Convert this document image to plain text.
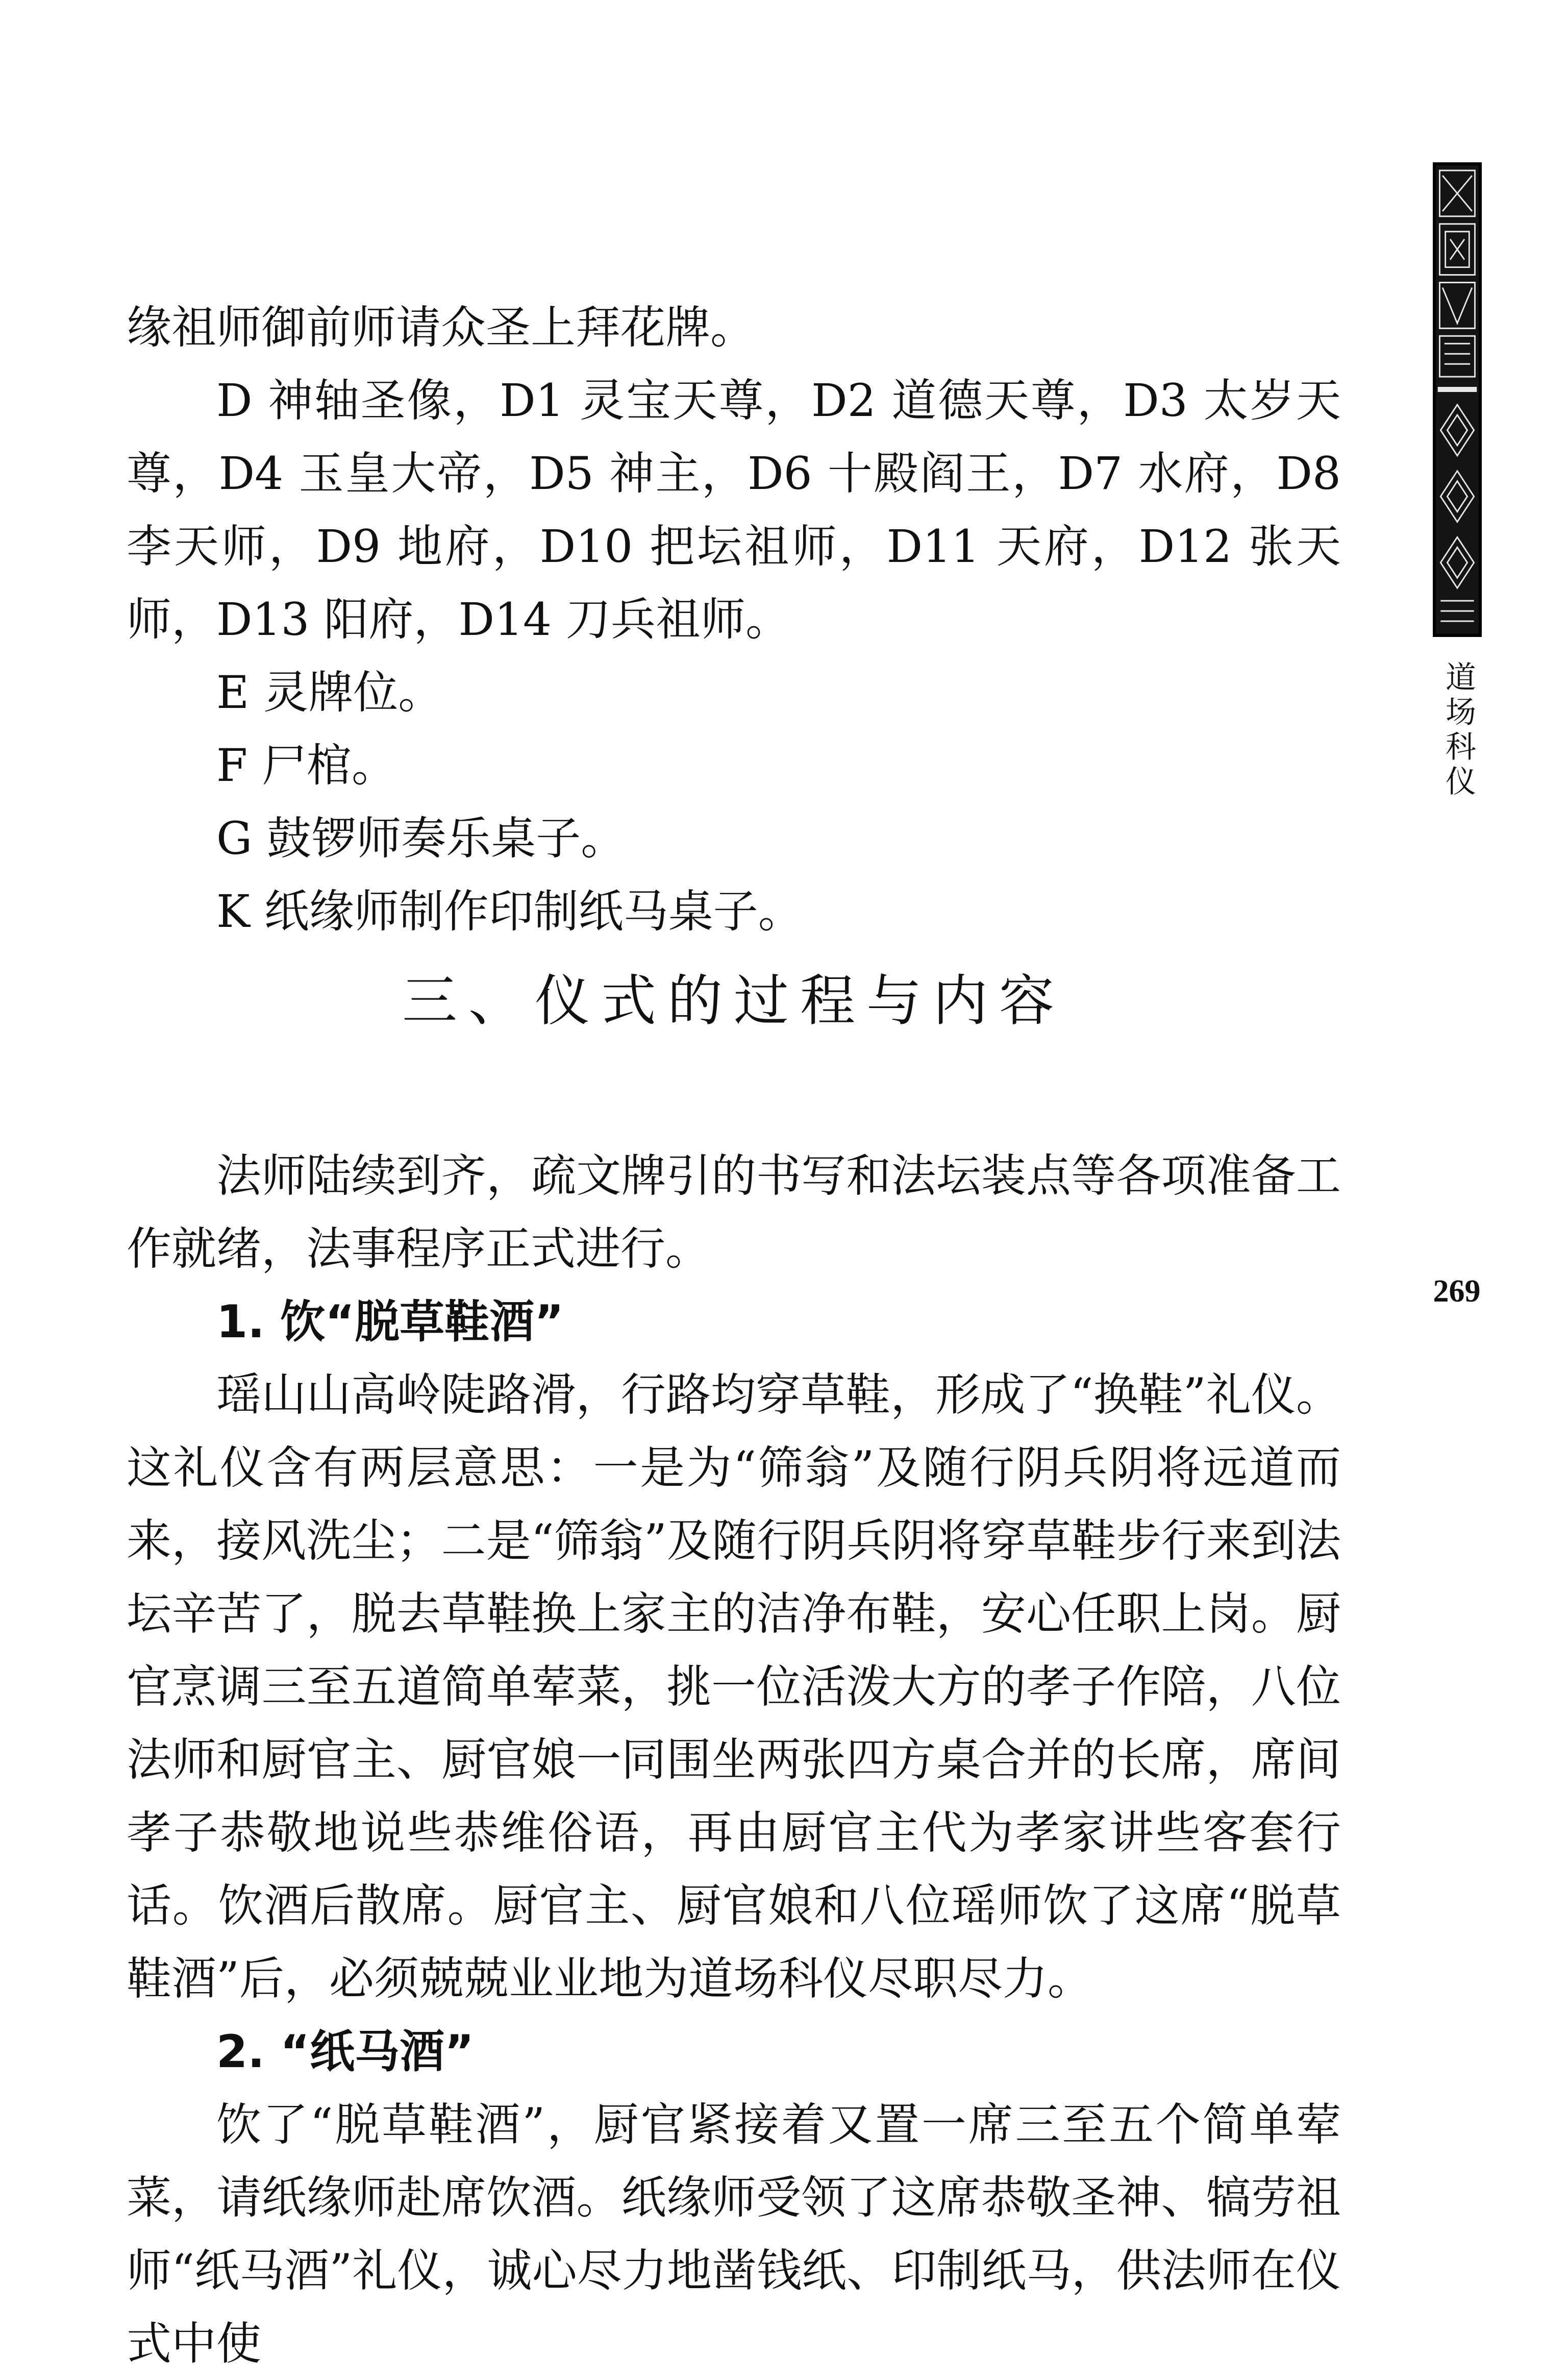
缘祖师御前师请众圣上拜花牌。

D 神轴圣像，D1 灵宝天尊，D2 道德天尊，D3 太岁天尊，D4 玉皇大帝，D5 神主，D6 十殿阎王，D7 水府，D8 李天师，D9 地府，D10 把坛祖师，D11 天府，D12 张天师，D13 阳府，D14 刀兵祖师。

E 灵牌位。

F 尸棺。

G 鼓锣师奏乐桌子。

K 纸缘师制作印制纸马桌子。

三、仪式的过程与内容

法师陆续到齐，疏文牌引的书写和法坛装点等各项准备工作就绪，法事程序正式进行。

1. 饮“脱草鞋酒”

瑶山山高岭陡路滑，行路均穿草鞋，形成了“换鞋”礼仪。这礼仪含有两层意思：一是为“筛翁”及随行阴兵阴将远道而来，接风洗尘；二是“筛翁”及随行阴兵阴将穿草鞋步行来到法坛辛苦了，脱去草鞋换上家主的洁净布鞋，安心任职上岗。厨官烹调三至五道简单荤菜，挑一位活泼大方的孝子作陪，八位法师和厨官主、厨官娘一同围坐两张四方桌合并的长席，席间孝子恭敬地说些恭维俗语，再由厨官主代为孝家讲些客套行话。饮酒后散席。厨官主、厨官娘和八位瑶师饮了这席“脱草鞋酒”后，必须兢兢业业地为道场科仪尽职尽力。

2. “纸马酒”

饮了“脱草鞋酒”，厨官紧接着又置一席三至五个简单荤菜，请纸缘师赴席饮酒。纸缘师受领了这席恭敬圣神、犒劳祖师“纸马酒”礼仪，诚心尽力地凿钱纸、印制纸马，供法师在仪式中使

道场科仪
269
